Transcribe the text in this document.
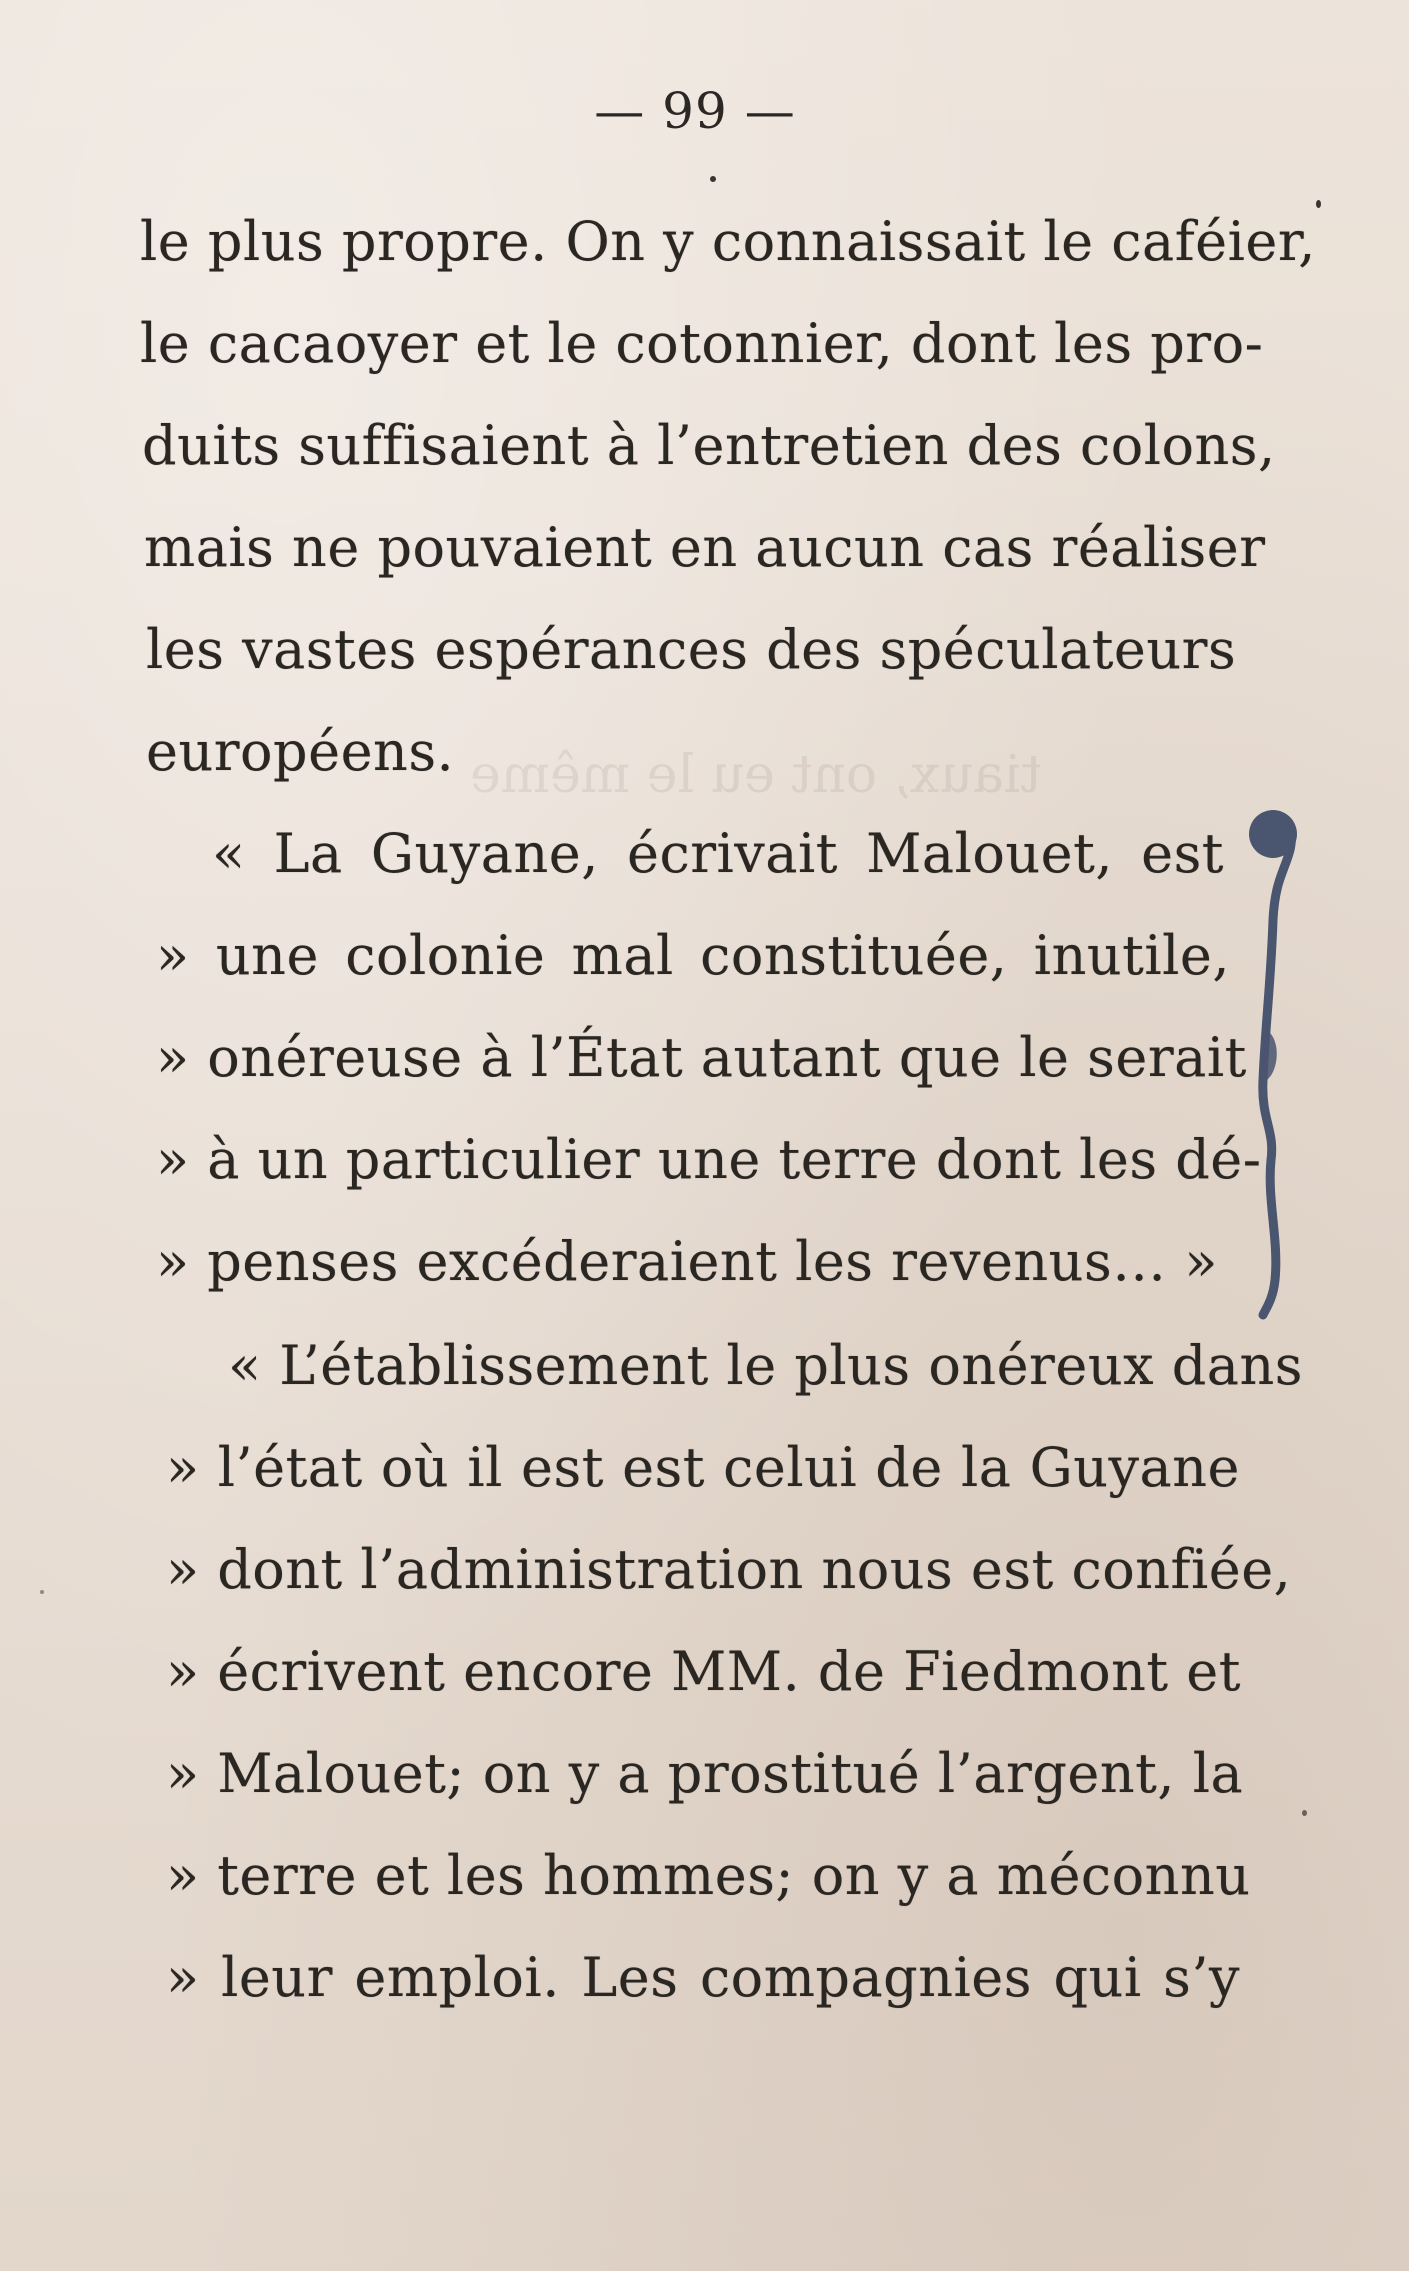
tiaux, ont eu le même
— 99 —
le plus propre. On y connaissait le caféier,
le cacaoyer et le cotonnier, dont les pro-
duits suffisaient à l’entretien des colons,
mais ne pouvaient en aucun cas réaliser
les vastes espérances des spéculateurs
européens.
« La Guyane, écrivait Malouet, est
» une colonie mal constituée, inutile,
» onéreuse à l’État autant que le serait
» à un particulier une terre dont les dé-
» penses excéderaient les revenus… »
« L’établissement le plus onéreux dans
» l’état où il est est celui de la Guyane
» dont l’administration nous est confiée,
» écrivent encore MM. de Fiedmont et
» Malouet; on y a prostitué l’argent, la
» terre et les hommes; on y a méconnu
» leur emploi. Les compagnies qui s’y
